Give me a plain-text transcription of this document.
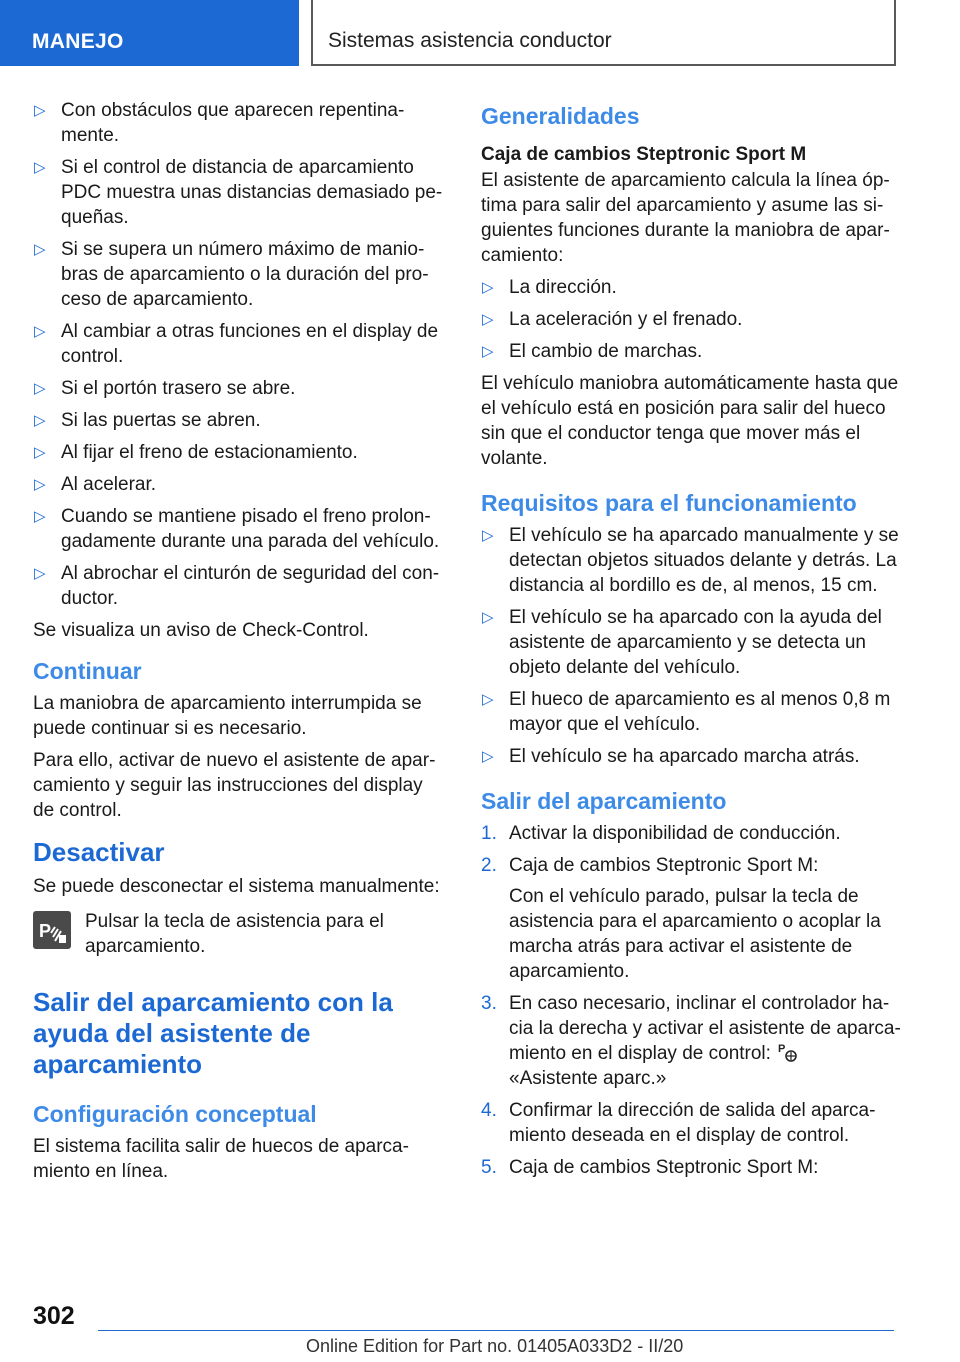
MANEJO	Sistemas asistencia conductor
▷ Con obstáculos que aparecen repentinamente.
▷ Si el control de distancia de aparcamiento PDC muestra unas distancias demasiado pequeñas.
▷ Si se supera un número máximo de maniobras de aparcamiento o la duración del proceso de aparcamiento.
▷ Al cambiar a otras funciones en el display de control.
▷ Si el portón trasero se abre.
▷ Si las puertas se abren.
▷ Al fijar el freno de estacionamiento.
▷ Al acelerar.
▷ Cuando se mantiene pisado el freno prolongadamente durante una parada del vehículo.
▷ Al abrochar el cinturón de seguridad del conductor.

Se visualiza un aviso de Check-Control.

Continuar

La maniobra de aparcamiento interrumpida se puede continuar si es necesario.

Para ello, activar de nuevo el asistente de aparcamiento y seguir las instrucciones del display de control.

Desactivar

Se puede desconectar el sistema manualmente:

P Pulsar la tecla de asistencia para el aparcamiento.
Salir del aparcamiento con la ayuda del asistente de aparcamiento
Configuración conceptual

El sistema facilita salir de huecos de aparcamiento en línea.

Generalidades
Caja de cambios Steptronic Sport M

El asistente de aparcamiento calcula la línea óptima para salir del aparcamiento y asume las siguientes funciones durante la maniobra de aparcamiento:

▷ La dirección.
▷ La aceleración y el frenado.
▷ El cambio de marchas.

El vehículo maniobra automáticamente hasta que el vehículo está en posición para salir del hueco sin que el conductor tenga que mover más el volante.

Requisitos para el funcionamiento
▷ El vehículo se ha aparcado manualmente y se detectan objetos situados delante y detrás. La distancia al bordillo es de, al menos, 15 cm.
▷ El vehículo se ha aparcado con la ayuda del asistente de aparcamiento y se detecta un objeto delante del vehículo.
▷ El hueco de aparcamiento es al menos 0,8 m mayor que el vehículo.
▷ El vehículo se ha aparcado marcha atrás.
Salir del aparcamiento
1. Activar la disponibilidad de conducción.
2. Caja de cambios Steptronic Sport M:
Con el vehículo parado, pulsar la tecla de asistencia para el aparcamiento o acoplar la marcha atrás para activar el asistente de aparcamiento.
3. En caso necesario, inclinar el controlador hacia la derecha y activar el asistente de aparcamiento en el display de control: P
«Asistente aparc.»
4. Confirmar la dirección de salida del aparcamiento deseada en el display de control.
5. Caja de cambios Steptronic Sport M:
302
Online Edition for Part no. 01405A033D2 - II/20
